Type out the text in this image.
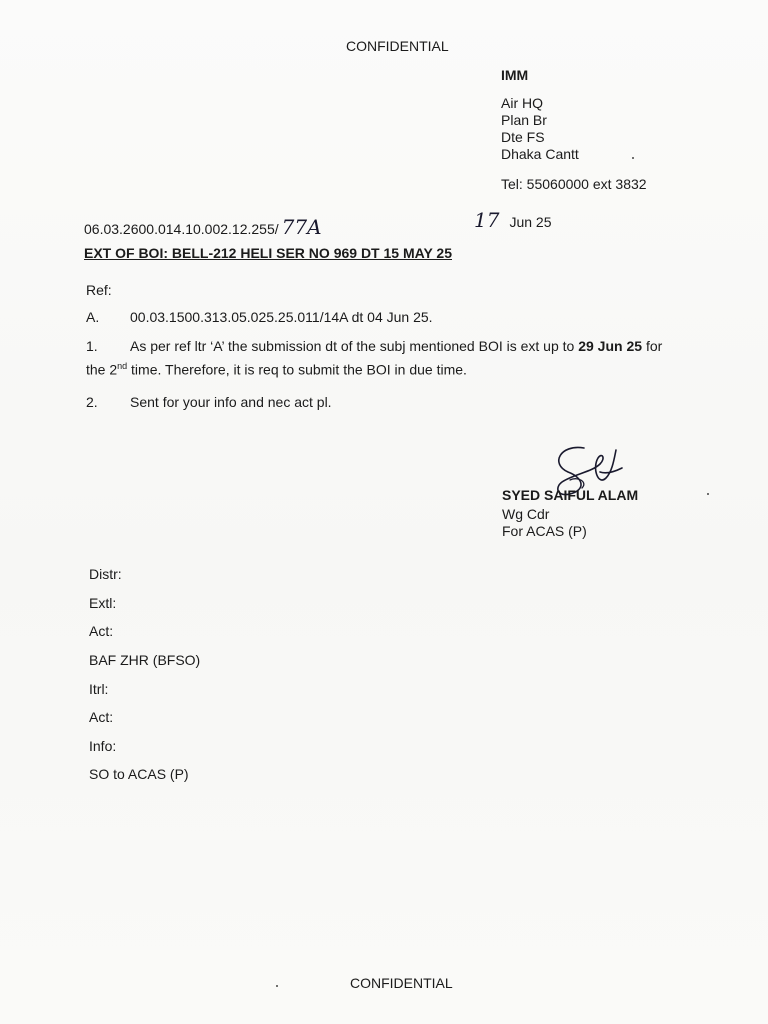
CONFIDENTIAL
IMM
Air HQ
Plan Br
Dte FS
Dhaka Cantt
Tel: 55060000 ext 3832
06.03.2600.014.10.002.12.255/ 77A	17 Jun 25
EXT OF BOI: BELL-212 HELI SER NO 969 DT 15 MAY 25
Ref:
A. 00.03.1500.313.05.025.25.011/14A dt 04 Jun 25.
1. As per ref ltr ‘A’ the submission dt of the subj mentioned BOI is ext up to 29 Jun 25 for
the 2nd time. Therefore, it is req to submit the BOI in due time.
2. Sent for your info and nec act pl.
SYED SAIFUL ALAM
Wg Cdr
For ACAS (P)
Distr:
Extl:
Act:
BAF ZHR (BFSO)
Itrl:
Act:
Info:
SO to ACAS (P)
CONFIDENTIAL
